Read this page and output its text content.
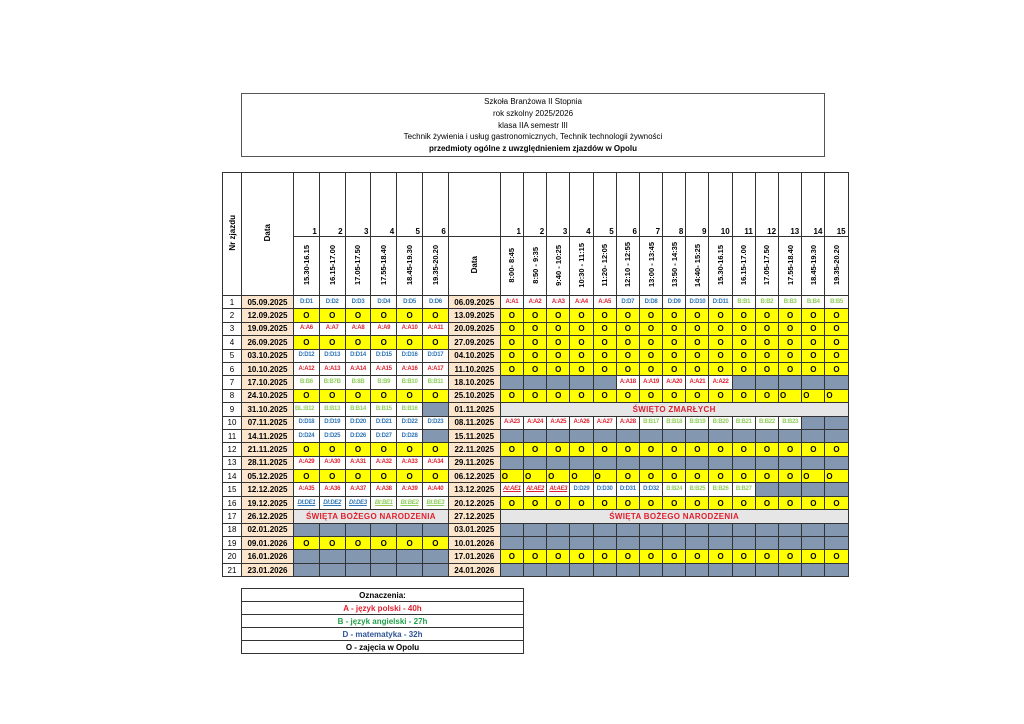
Szkoła Branżowa II Stopnia
rok szkolny 2025/2026
klasa IIA semestr III
Technik żywienia i usług gastronomicznych, Technik technologii żywności
przedmioty ogólne z uwzględnieniem zjazdów w Opolu
Nr zjazdu	Data	1	2	3	4	5	6		1	2	3	4	5	6	7	8	9	10	11	12	13	14	15
		15.30-16.15	16.15-17.00	17.05-17.50	17.55-18.40	18.45-19.30	19.35-20.20	Data	8:00- 8:45	8:50 - 9:35	9:40 - 10:25	10:30 - 11:15	11:20- 12:05	12:10 - 12:55	13:00 - 13:45	13:50 - 14:35	14:40- 15:25	15.30-16.15	16.15-17.00	17.05-17.50	17.55-18.40	18.45-19.30	19.35-20.20
1	05.09.2025	D:D1	D:D2	D:D3	D:D4	D:D5	D:D6	06.09.2025	A:A1	A:A2	A:A3	A:A4	A:A5	D:D7	D:D8	D:D9	D:D10	D:D11	B:B1	B:B2	B:B3	B:B4	B:B5
2	12.09.2025	O	O	O	O	O	O	13.09.2025	O	O	O	O	O	O	O	O	O	O	O	O	O	O	O
3	19.09.2025	A:A6	A:A7	A:A8	A:A9	A:A10	A:A11	20.09.2025	O	O	O	O	O	O	O	O	O	O	O	O	O	O	O
4	26.09.2025	O	O	O	O	O	O	27.09.2025	O	O	O	O	O	O	O	O	O	O	O	O	O	O	O
5	03.10.2025	D:D12	D:D13	D:D14	D:D15	D:D16	D:D17	04.10.2025	O	O	O	O	O	O	O	O	O	O	O	O	O	O	O
6	10.10.2025	A:A12	A:A13	A:A14	A:A15	A:A16	A:A17	11.10.2025	O	O	O	O	O	O	O	O	O	O	O	O	O	O	O
7	17.10.2025	B:B6	B:B7B	B:8B	B:B9	B:B10	B:B11	18.10.2025						A:A18	A:A19	A:A20	A:A21	A:A22					
8	24.10.2025	O	O	O	O	O	O	25.10.2025	O	O	O	O	O	O	O	O	O	O	O	O	O	O	O
9	31.10.2025	BL:B12	B:B13	B:B14	B:B15	B:B16		01.11.2025	ŚWIĘTO ZMARŁYCH														
10	07.11.2025	D:D18	D:D19	D:D20	D:D21	D:D22	D:D23	08.11.2025	A:A23	A:A24	A:A25	A:A26	A:A27	A:A28	B:B17	B:B18	B:B19	B:B20	B:B21	B:B22	B:B23		
11	14.11.2025	D:D24	D:D25	D:D26	D:D27	D:D28		15.11.2025															
12	21.11.2025	O	O	O	O	O	O	22.11.2025	O	O	O	O	O	O	O	O	O	O	O	O	O	O	O
13	28.11.2025	A:A29	A:A30	A:A31	A:A32	A:A33	A:A34	29.11.2025															
14	05.12.2025	O	O	O	O	O	O	06.12.2025	O	O	O	O	O	O	O	O	O	O	O	O	O	O	O
15	12.12.2025	A:A35	A:A36	A:A37	A:A38	A:A39	A:A40	13.12.2025	AI:AE1	AI:AE2	AI:AE3	D:D29	D:D30	D:D31	D:D32	B:B24	B:B25	B:B26	B:B27				
16	19.12.2025	DI:DE1	DI:DE2	DI:DE3	BI:BE1	BI:BE2	BI:BE3	20.12.2025	O	O	O	O	O	O	O	O	O	O	O	O	O	O	O
17	26.12.2025	ŚWIĘTA BOŻEGO NARODZENIA						27.12.2025	ŚWIĘTA BOŻEGO NARODZENIA														
18	02.01.2025							03.01.2025															
19	09.01.2026	O	O	O	O	O	O	10.01.2026															
20	16.01.2026							17.01.2026	O	O	O	O	O	O	O	O	O	O	O	O	O	O	O
21	23.01.2026							24.01.2026															
Oznaczenia:
A - język polski - 40h
B - język angielski - 27h
D - matematyka - 32h
O - zajęcia w Opolu
